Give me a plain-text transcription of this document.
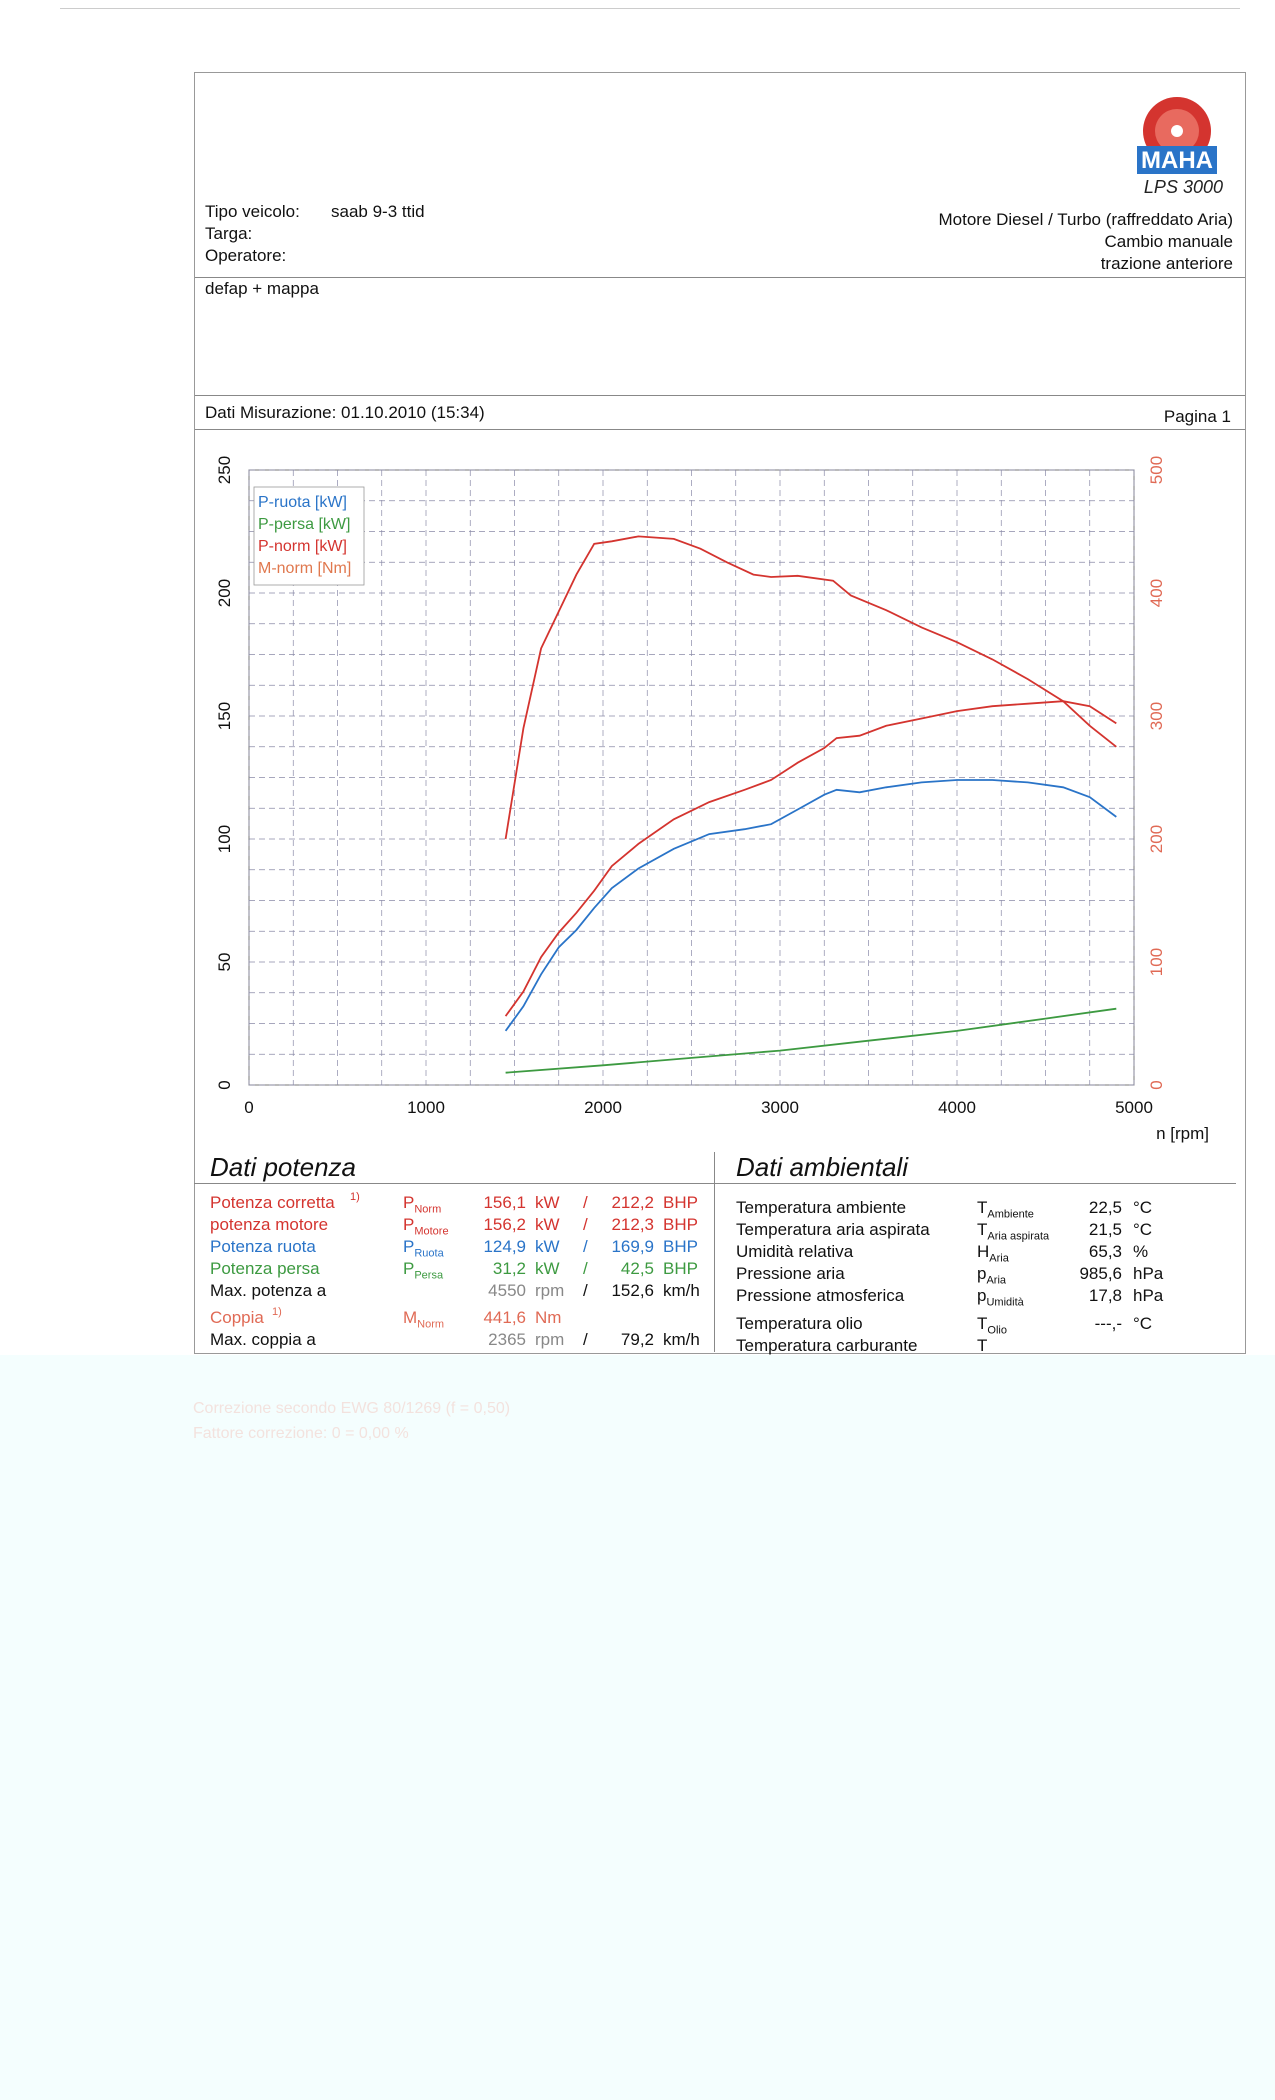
MAHA
LPS 3000
Tipo veicolo: saab 9-3 ttid
Targa:
Operatore:
Motore Diesel / Turbo (raffreddato Aria)
Cambio manuale
trazione anteriore
defap + mappa
Dati Misurazione: 01.10.2010 (15:34)	Pagina 1
0
50
100
150
200
250
0
100
200
300
400
500
0	1000	2000	3000	4000	5000
n [rpm]
P-ruota [kW]
P-persa [kW]
P-norm [kW]
M-norm [Nm]
Dati potenza	Dati ambientali
Potenza corretta 1)	$P_{Norm}$	156,1 kW /	212,2 BHP
potenza motore	$P_{Motore}$	156,2 kW /	212,3 BHP
Potenza ruota	$P_{Ruota}$	124,9 kW /	169,9 BHP
Potenza persa	$P_{Persa}$	31,2 kW /	42,5 BHP
Max. potenza a	4550 rpm /	152,6 km/h
Coppia 1)	$M_{Norm}$	441,6 Nm
Max. coppia a	2365 rpm /	79,2 km/h
Temperatura ambiente	$T_{Ambiente}$	22,5 °C
Temperatura aria aspirata	$T_{Aria aspirata}$	21,5 °C
Umidità relativa	$H_{Aria}$	65,3 %
Pressione aria	$p_{Aria}$	985,6 hPa
Pressione atmosferica	$p_{Umidità}$	17,8 hPa
Temperatura olio	$T_{Olio}$	---,- °C
Temperatura carburante	T
Correzione secondo EWG 80/1269 (f = 0,50)
Fattore correzione: 0 = 0,00 %
